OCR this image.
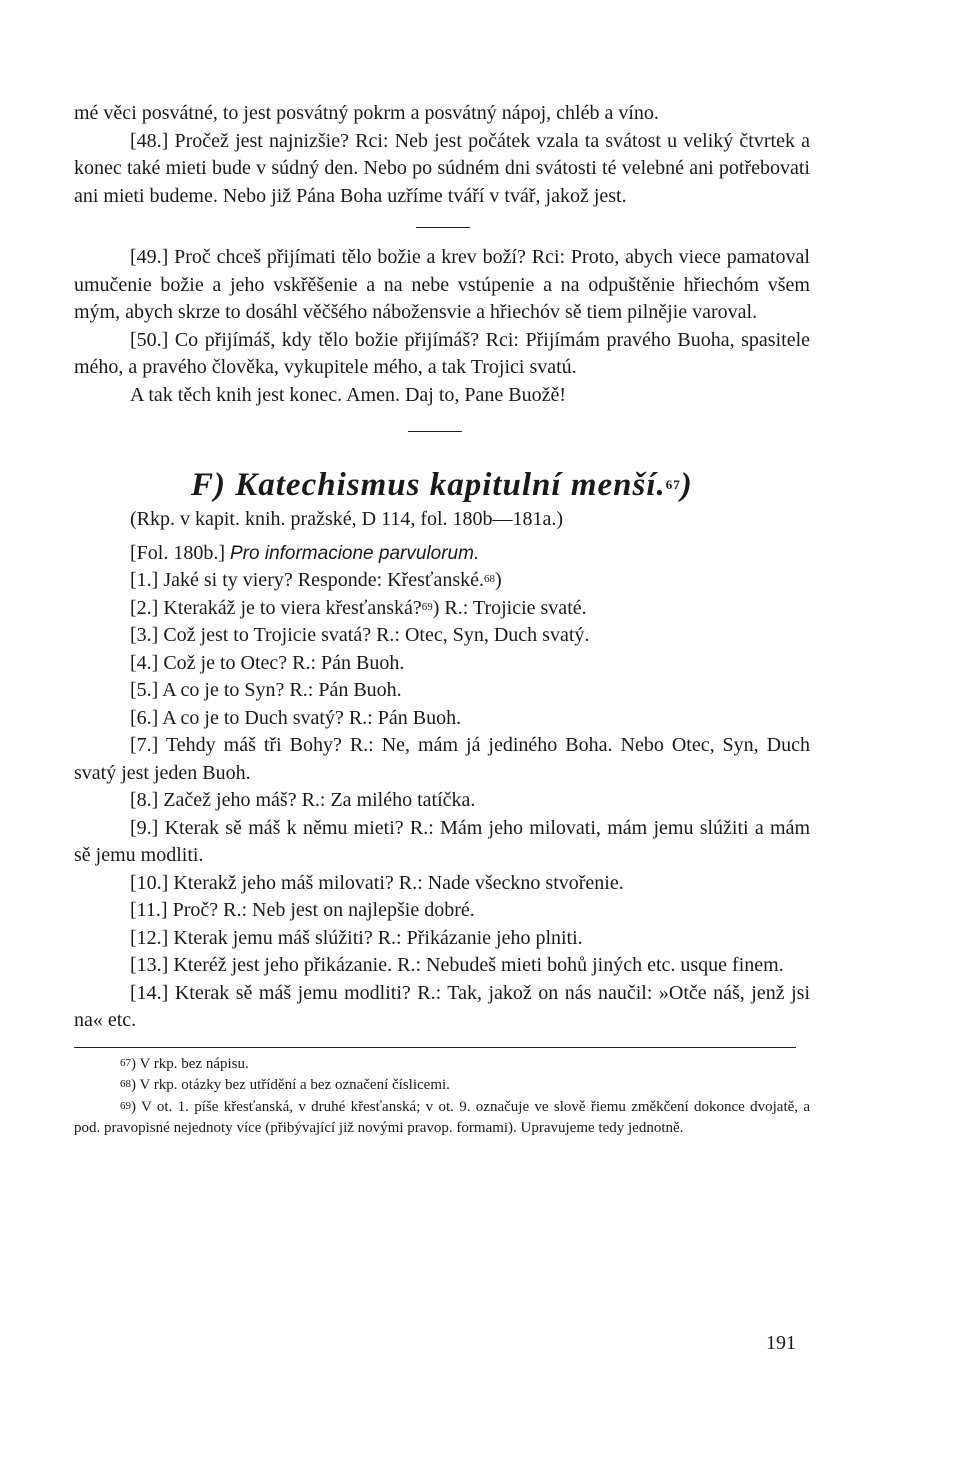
mé věci posvátné, to jest posvátný pokrm a posvátný nápoj, chléb a víno.

[48.] Pročež jest najnizšie? Rci: Neb jest počátek vzala ta svátost u veliký čtvrtek a konec také mieti bude v súdný den. Nebo po súdném dni svátosti té velebné ani potřebovati ani mieti budeme. Nebo již Pána Boha uzříme tváří v tvář, jakož jest.

[49.] Proč chceš přijímati tělo božie a krev boží? Rci: Proto, abych viece pamatoval umučenie božie a jeho vskřěšenie a na nebe vstúpenie a na odpuštěnie hřiechóm všem mým, abych skrze to dosáhl věčšého nábožensvie a hřiechóv sě tiem pilnějie varoval.

[50.] Co přijímáš, kdy tělo božie přijímáš? Rci: Přijímám pravého Buoha, spasitele mého, a pravého člověka, vykupitele mého, a tak Trojici svatú.

A tak těch knih jest konec. Amen. Daj to, Pane Buožě!

F) Katechismus kapitulní menší.$^{67}$)

(Rkp. v kapit. knih. pražské, D 114, fol. 180b—181a.)

[Fol. 180b.] Pro informacione parvulorum.

[1.] Jaké si ty viery? Responde: Křesťanské.$^{68}$)

[2.] Kterakáž je to viera křesťanská?$^{69}$) R.: Trojicie svaté.

[3.] Což jest to Trojicie svatá? R.: Otec, Syn, Duch svatý.

[4.] Což je to Otec? R.: Pán Buoh.

[5.] A co je to Syn? R.: Pán Buoh.

[6.] A co je to Duch svatý? R.: Pán Buoh.

[7.] Tehdy máš tři Bohy? R.: Ne, mám já jediného Boha. Nebo Otec, Syn, Duch svatý jest jeden Buoh.

[8.] Začež jeho máš? R.: Za milého tatíčka.

[9.] Kterak sě máš k němu mieti? R.: Mám jeho milovati, mám jemu slúžiti a mám sě jemu modliti.

[10.] Kterakž jeho máš milovati? R.: Nade všeckno stvořenie.

[11.] Proč? R.: Neb jest on najlepšie dobré.

[12.] Kterak jemu máš slúžiti? R.: Přikázanie jeho plniti.

[13.] Kteréž jest jeho přikázanie. R.: Nebudeš mieti bohů jiných etc. usque finem.

[14.] Kterak sě máš jemu modliti? R.: Tak, jakož on nás naučil: »Otče náš, jenž jsi na« etc.

$^{67}$) V rkp. bez nápisu.

$^{68}$) V rkp. otázky bez utřídění a bez označení číslicemi.

$^{69}$) V ot. 1. píše křesťanská, v druhé křesťanská; v ot. 9. označuje ve slově řiemu změkčení dokonce dvojatě, a pod. pravopisné nejednoty více (přibývající již novými pravop. formami). Upravujeme tedy jednotně.

191
